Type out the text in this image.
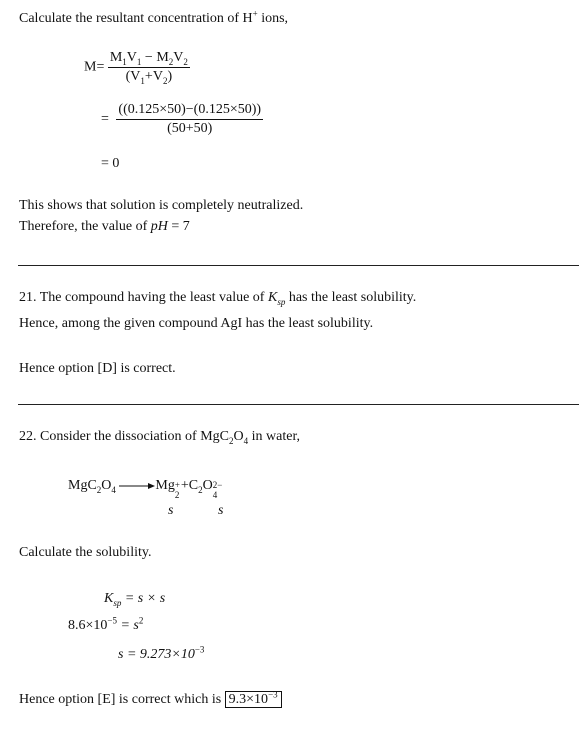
Calculate the resultant concentration of H+ ions,
$M= \frac{M_1V_1 - M_2V_2}{(V_1+V_2)}$
= $\frac{((0.125\times 50)-(0.125\times 50))}{(50+50)}$
= 0
This shows that solution is completely neutralized.
Therefore, the value of pH = 7
21. The compound having the least value of $K_{sp}$ has the least solubility.
Hence, among the given compound AgI has the least solubility.
Hence option [D] is correct.
22. Consider the dissociation of $MgC_2O_4$ in water,
$MgC_2O_4 \to Mg$ +
2
$+C_2O$ 2−
4
s	s
Calculate the solubility.
$K_{sp} = s \times s$
$8.6\times 10^{-5} = s^2$
$s = 9.273\times 10^{-3}$
Hence option [E] is correct which is $9.3\times 10^{-3}$
